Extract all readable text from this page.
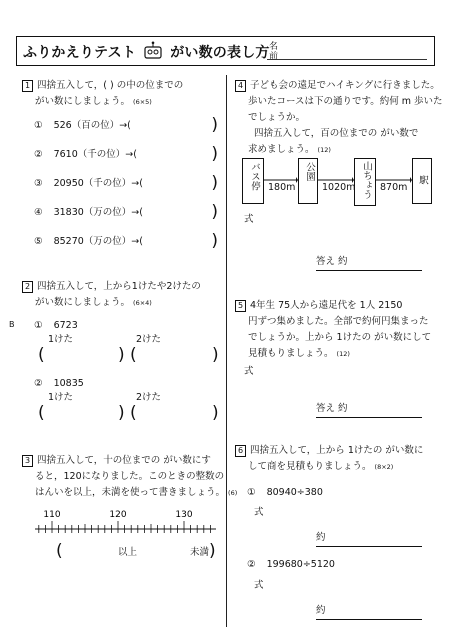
ふりかえりテスト がい数の表し方 名前
B
1 四捨五入して，( ) の中の位までの
がい数にしましょう。 (6×5)
① 526（百の位）→(	)
② 7610（千の位）→(	)
③ 20950（千の位）→(	)
④ 31830（万の位）→(	)
⑤ 85270（万の位）→(	)
2 四捨五入して，上から1けたや2けたの
がい数にしましょう。 (6×4)
① 6723
1けた	2けた
(	) (	)
② 10835
1けた	2けた
(	) (	)
3 四捨五入して，十の位までの がい数にす
ると，120になりました。このときの整数の
はんいを以上，未満を使って書きましょう。 (6)
110	120	130
(	以上	未満 )
4 子ども会の遠足でハイキングに行きました。
歩いたコースは下の通りです。約何 m 歩いた
でしょうか。
四捨五入して，百の位までの がい数で
求めましょう。 (12)
バス停 180m
公園
1020m 山ちょう 870m
駅
式
答え 約
5 4年生 75人から遠足代を 1人 2150
円ずつ集めました。全部で約何円集まった
でしょうか。上から 1けたの がい数にして
見積もりましょう。 (12)
式
答え 約
6 四捨五入して，上から 1けたの がい数に
して商を見積もりましょう。 (8×2)
① 80940÷380
式
約
② 199680÷5120
式
約
